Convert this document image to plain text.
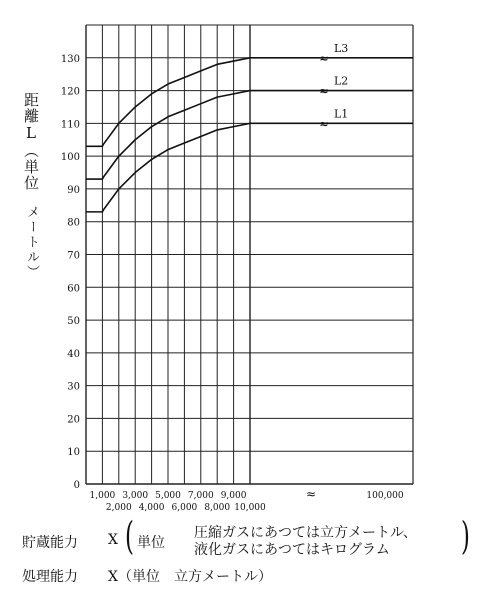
0
10
20
30
40
50
60
70
80
90
100
110
120
130
1,000 3,000 5,000 7,000 9,000
2,000 4,000 6,000 8,000 10,000
100,000
≈
≈
L3
≈
L2
≈
L1
距離L（単位
メートル）
貯蔵能力 X ( 単位
圧縮ガスにあつては立方メートル、
液化ガスにあつてはキログラム )
処理能力 X（単位　立方メートル）
